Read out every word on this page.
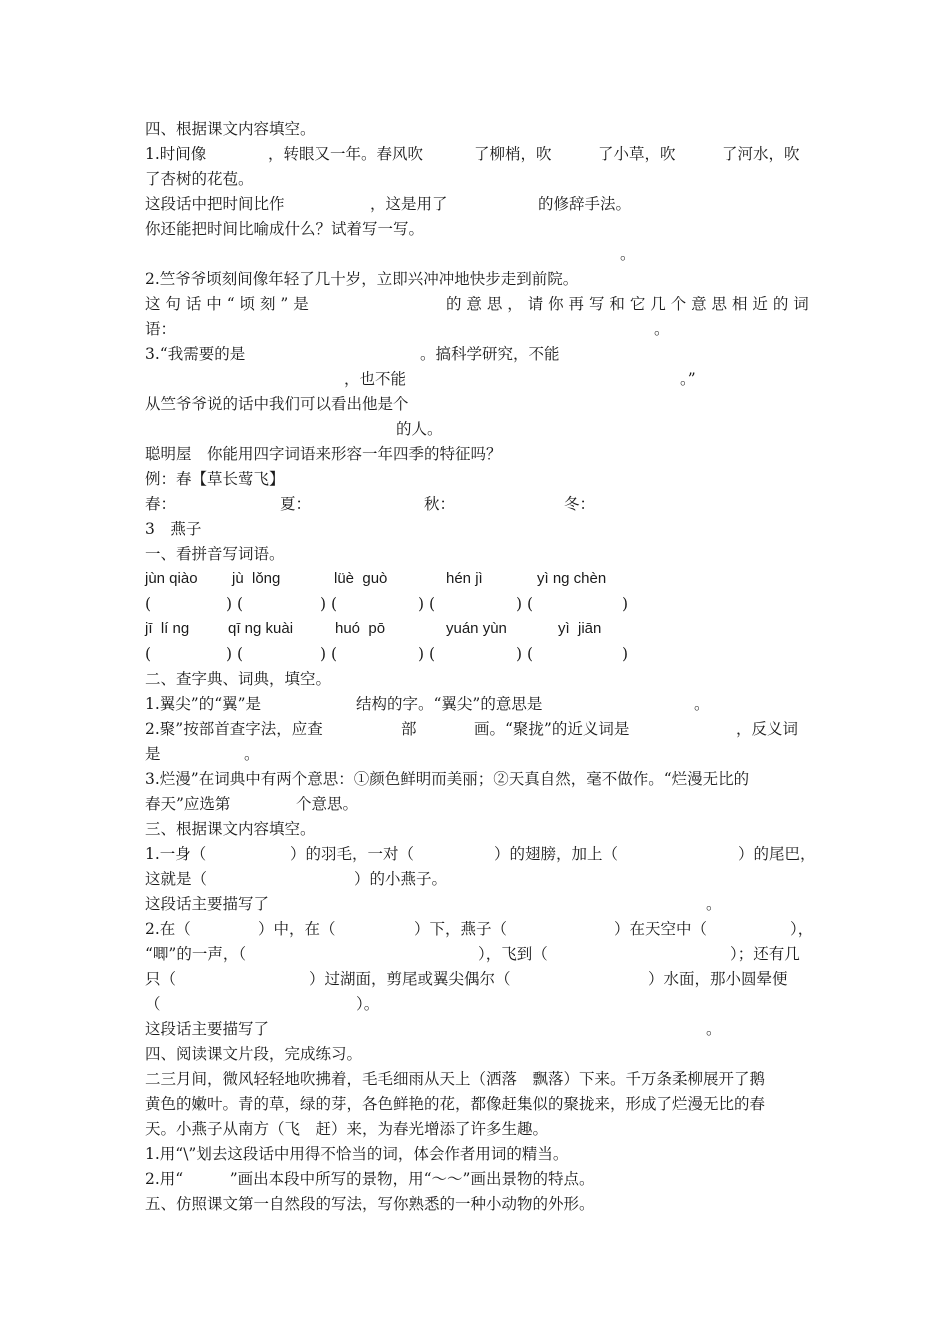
四、根据课文内容填空。
1.时间像	，转眼又一年。春风吹	了柳梢，吹	了小草，吹	了河水，吹
了杏树的花苞。
这段话中把时间比作	，这是用了	的修辞手法。
你还能把时间比喻成什么？试着写一写。
。
2.竺爷爷顷刻间像年轻了几十岁，立即兴冲冲地快步走到前院。
这 句 话 中 “ 顷 刻 ” 是	的 意 思 ， 请 你 再 写 和 它 几 个 意 思 相 近 的 词
语：	。
3.“我需要的是	。搞科学研究，不能
，也不能	。”
从竺爷爷说的话中我们可以看出他是个
的人。
聪明屋　你能用四字词语来形容一年四季的特征吗？
例：春【草长莺飞】
春：	夏：	秋：	冬：
3　燕子
一、看拼音写词语。
jùn qiào jù  lǒng	lüè  guò	hén jì	yì ng chèn
(	) (	) (	) (	) (	)
jī  lí ng	qī ng kuài	huó  pō	yuán yùn	yì  jiān
(	) (	) (	) (	) (	)
二、查字典、词典，填空。
1.翼尖”的“翼”是	结构的字。“翼尖”的意思是	。
2.聚”按部首查字法，应查	部	画。“聚拢”的近义词是	，反义词
是	。
3.烂漫”在词典中有两个意思：①颜色鲜明而美丽；②天真自然，毫不做作。“烂漫无比的
春天”应选第	个意思。
三、根据课文内容填空。
1.一身（	）的羽毛，一对（	）的翅膀，加上（	）的尾巴，
这就是（	）的小燕子。
这段话主要描写了	。
2.在（	）中，在（	）下，燕子（	）在天空中（	），
“唧”的一声，（	），飞到（	）；还有几
只（	）过湖面，剪尾或翼尖偶尔（	）水面，那小圆晕便
（	）。
这段话主要描写了	。
四、阅读课文片段，完成练习。
二三月间，微风轻轻地吹拂着，毛毛细雨从天上（洒落　飘落）下来。千万条柔柳展开了鹅
黄色的嫩叶。青的草，绿的芽，各色鲜艳的花，都像赶集似的聚拢来，形成了烂漫无比的春
天。小燕子从南方（飞　赶）来，为春光增添了许多生趣。
1.用“\”划去这段话中用得不恰当的词，体会作者用词的精当。
2.用“　　　”画出本段中所写的景物，用“～～”画出景物的特点。
五、仿照课文第一自然段的写法，写你熟悉的一种小动物的外形。
